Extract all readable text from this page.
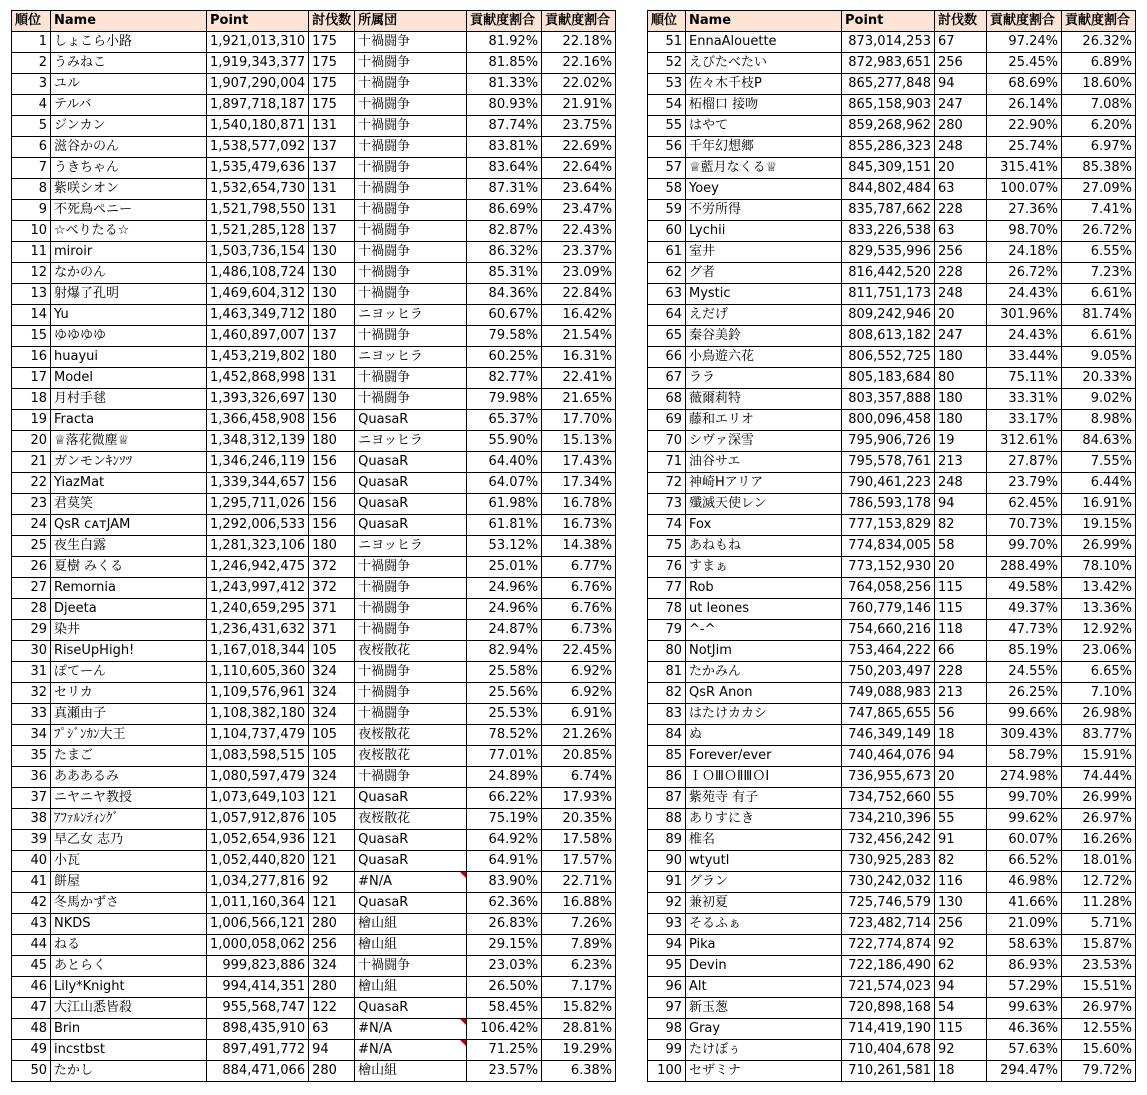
順位	Name	Point	討伐数	所属団	貢献度割合	貢献度割合
1	しょこら小路	1,921,013,310	175	十禍闘争	81.92%	22.18%
2	うみねこ	1,919,343,377	175	十禍闘争	81.85%	22.16%
3	ユル	1,907,290,004	175	十禍闘争	81.33%	22.02%
4	テルバ	1,897,718,187	175	十禍闘争	80.93%	21.91%
5	ジンカン	1,540,180,871	131	十禍闘争	87.74%	23.75%
6	滋谷かのん	1,538,577,092	137	十禍闘争	83.81%	22.69%
7	うきちゃん	1,535,479,636	137	十禍闘争	83.64%	22.64%
8	紫咲シオン	1,532,654,730	131	十禍闘争	87.31%	23.64%
9	不死鳥ペニー	1,521,798,550	131	十禍闘争	86.69%	23.47%
10	☆べりたる☆	1,521,285,128	137	十禍闘争	82.87%	22.43%
11	miroir	1,503,736,154	130	十禍闘争	86.32%	23.37%
12	なかのん	1,486,108,724	130	十禍闘争	85.31%	23.09%
13	射爆了孔明	1,469,604,312	130	十禍闘争	84.36%	22.84%
14	Yu	1,463,349,712	180	ニヨッヒラ	60.67%	16.42%
15	ゆゆゆゆ	1,460,897,007	137	十禍闘争	79.58%	21.54%
16	huayui	1,453,219,802	180	ニヨッヒラ	60.25%	16.31%
17	Model	1,452,868,998	131	十禍闘争	82.77%	22.41%
18	月村手毬	1,393,326,697	130	十禍闘争	79.98%	21.65%
19	Fracta	1,366,458,908	156	QuasaR	65.37%	17.70%
20	♕落花微塵♕	1,348,312,139	180	ニヨッヒラ	55.90%	15.13%
21	ガンモンｷﾝｿﾂ	1,346,246,119	156	QuasaR	64.40%	17.43%
22	YiazMat	1,339,344,657	156	QuasaR	64.07%	17.34%
23	君莫笑	1,295,711,026	156	QuasaR	61.98%	16.78%
24	QsR ᴄᴀᴛJAM	1,292,006,533	156	QuasaR	61.81%	16.73%
25	夜生白露	1,281,323,106	180	ニヨッヒラ	53.12%	14.38%
26	夏樹 みくる	1,246,942,475	372	十禍闘争	25.01%	6.77%
27	Remornia	1,243,997,412	372	十禍闘争	24.96%	6.76%
28	Djeeta	1,240,659,295	371	十禍闘争	24.96%	6.76%
29	染井	1,236,431,632	371	十禍闘争	24.87%	6.73%
30	RiseUpHigh!	1,167,018,344	105	夜桜散花	82.94%	22.45%
31	ぽてーん	1,110,605,360	324	十禍闘争	25.58%	6.92%
32	セリカ	1,109,576,961	324	十禍闘争	25.56%	6.92%
33	真瀬由子	1,108,382,180	324	十禍闘争	25.53%	6.91%
34	ﾌﾟｼﾞﾝｶﾝ大王	1,104,737,479	105	夜桜散花	78.52%	21.26%
35	たまご	1,083,598,515	105	夜桜散花	77.01%	20.85%
36	あああるみ	1,080,597,479	324	十禍闘争	24.89%	6.74%
37	ニヤニヤ教授	1,073,649,103	121	QuasaR	66.22%	17.93%
38	ｱﾌｧﾙﾝﾃｨﾝｸﾞ	1,057,912,876	105	夜桜散花	75.19%	20.35%
39	早乙女 志乃	1,052,654,936	121	QuasaR	64.92%	17.58%
40	小瓦	1,052,440,820	121	QuasaR	64.91%	17.57%
41	餅屋	1,034,277,816	92	#N/A	83.90%	22.71%
42	冬馬かずさ	1,011,160,364	121	QuasaR	62.36%	16.88%
43	NKDS	1,006,566,121	280	檜山組	26.83%	7.26%
44	ねる	1,000,058,062	256	檜山組	29.15%	7.89%
45	あとらく	999,823,886	324	十禍闘争	23.03%	6.23%
46	Lily*Knight	994,414,351	280	檜山組	26.50%	7.17%
47	大江山悉皆殺	955,568,747	122	QuasaR	58.45%	15.82%
48	Brin	898,435,910	63	#N/A	106.42%	28.81%
49	incstbst	897,491,772	94	#N/A	71.25%	19.29%
50	たかし	884,471,066	280	檜山組	23.57%	6.38%
順位	Name	Point	討伐数	貢献度割合	貢献度割合
51	EnnaAlouette	873,014,253	67	97.24%	26.32%
52	えびたべたい	872,983,651	256	25.45%	6.89%
53	佐々木千枝P	865,277,848	94	68.69%	18.60%
54	柘榴口 接吻	865,158,903	247	26.14%	7.08%
55	はやて	859,268,962	280	22.90%	6.20%
56	千年幻想郷	855,286,323	248	25.74%	6.97%
57	♕藍月なくる♕	845,309,151	20	315.41%	85.38%
58	Yoey	844,802,484	63	100.07%	27.09%
59	不労所得	835,787,662	228	27.36%	7.41%
60	Lychii	833,226,538	63	98.70%	26.72%
61	室井	829,535,996	256	24.18%	6.55%
62	グ者	816,442,520	228	26.72%	7.23%
63	Mystic	811,751,173	248	24.43%	6.61%
64	えだげ	809,242,946	20	301.96%	81.74%
65	秦谷美鈴	808,613,182	247	24.43%	6.61%
66	小鳥遊六花	806,552,725	180	33.44%	9.05%
67	ララ	805,183,684	80	75.11%	20.33%
68	薇爾莉特	803,357,888	180	33.31%	9.02%
69	藤和エリオ	800,096,458	180	33.17%	8.98%
70	シヴァ深雪	795,906,726	19	312.61%	84.63%
71	油谷サエ	795,578,761	213	27.87%	7.55%
72	神崎Hアリア	790,461,223	248	23.79%	6.44%
73	殲滅天使レン	786,593,178	94	62.45%	16.91%
74	Fox	777,153,829	82	70.73%	19.15%
75	あねもね	774,834,005	58	99.70%	26.99%
76	すまぁ	773,152,930	20	288.49%	78.10%
77	Rob	764,058,256	115	49.58%	13.42%
78	ut leones	760,779,146	115	49.37%	13.36%
79	^-^	754,660,216	118	47.73%	12.92%
80	NotJim	753,464,222	66	85.19%	23.06%
81	たかみん	750,203,497	228	24.55%	6.65%
82	QsR Anon	749,088,983	213	26.25%	7.10%
83	はたけカカシ	747,865,655	56	99.66%	26.98%
84	ぬ	746,349,149	18	309.43%	83.77%
85	Forever/ever	740,464,076	94	58.79%	15.91%
86	ＩＯⅢＯⅡⅢＯⅠ	736,955,673	20	274.98%	74.44%
87	紫苑寺 有子	734,752,660	55	99.70%	26.99%
88	ありすにき	734,210,396	55	99.62%	26.97%
89	椎名	732,456,242	91	60.07%	16.26%
90	wtyutl	730,925,283	82	66.52%	18.01%
91	グラン	730,242,032	116	46.98%	12.72%
92	兼初夏	725,746,579	130	41.66%	11.28%
93	そるふぁ	723,482,714	256	21.09%	5.71%
94	Pika	722,774,874	92	58.63%	15.87%
95	Devin	722,186,490	62	86.93%	23.53%
96	Alt	721,574,023	94	57.29%	15.51%
97	新玉葱	720,898,168	54	99.63%	26.97%
98	Gray	714,419,190	115	46.36%	12.55%
99	たけぼぅ	710,404,678	92	57.63%	15.60%
100	セザミナ	710,261,581	18	294.47%	79.72%
